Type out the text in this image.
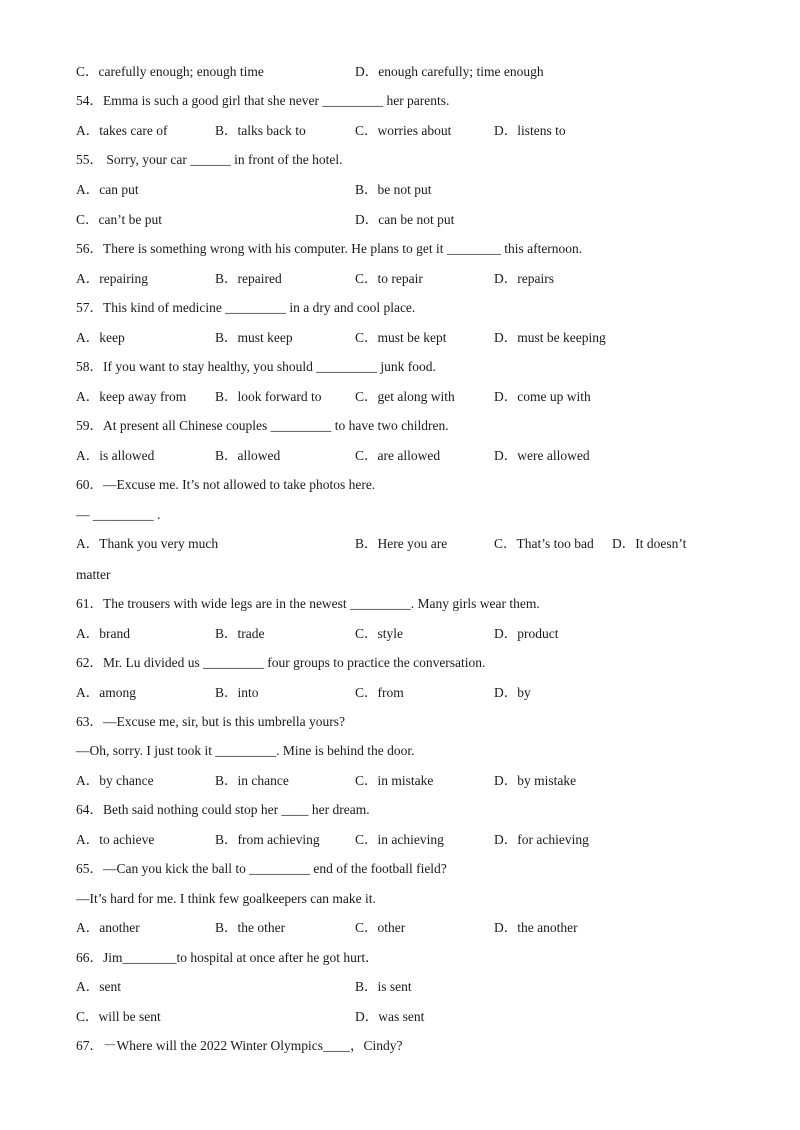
C．carefully enough; enough time	D．enough carefully; time enough
54．Emma is such a good girl that she never _________ her parents.
A．takes care of	B．talks back to	C．worries about	D．listens to
55． Sorry, your car ______ in front of the hotel.
A．can put	B．be not put
C．can’t be put	D．can be not put
56．There is something wrong with his computer. He plans to get it ________ this afternoon.
A．repairing	B．repaired	C．to repair	D．repairs
57．This kind of medicine _________ in a dry and cool place.
A．keep	B．must keep	C．must be kept	D．must be keeping
58．If you want to stay healthy, you should _________ junk food.
A．keep away from B．look forward to C．get along with	D．come up with
59．At present all Chinese couples _________ to have two children.
A．is allowed	B．allowed	C．are allowed	D．were allowed
60．—Excuse me. It’s not allowed to take photos here.
— _________ .
A．Thank you very much	B．Here you are	C．That’s too bad D．It doesn’t
matter
61．The trousers with wide legs are in the newest _________. Many girls wear them.
A．brand	B．trade	C．style	D．product
62．Mr. Lu divided us _________ four groups to practice the conversation.
A．among	B．into	C．from	D．by
63．—Excuse me, sir, but is this umbrella yours?
—Oh, sorry. I just took it _________. Mine is behind the door.
A．by chance	B．in chance	C．in mistake	D．by mistake
64．Beth said nothing could stop her ____ her dream.
A．to achieve	B．from achieving	C．in achieving	D．for achieving
65．—Can you kick the ball to _________ end of the football field?
—It’s hard for me. I think few goalkeepers can make it.
A．another	B．the other	C．other	D．the another
66．Jim________to hospital at once after he got hurt．
A．sent	B．is sent
C．will be sent	D．was sent
67．－Where will the 2022 Winter Olympics____，Cindy?
